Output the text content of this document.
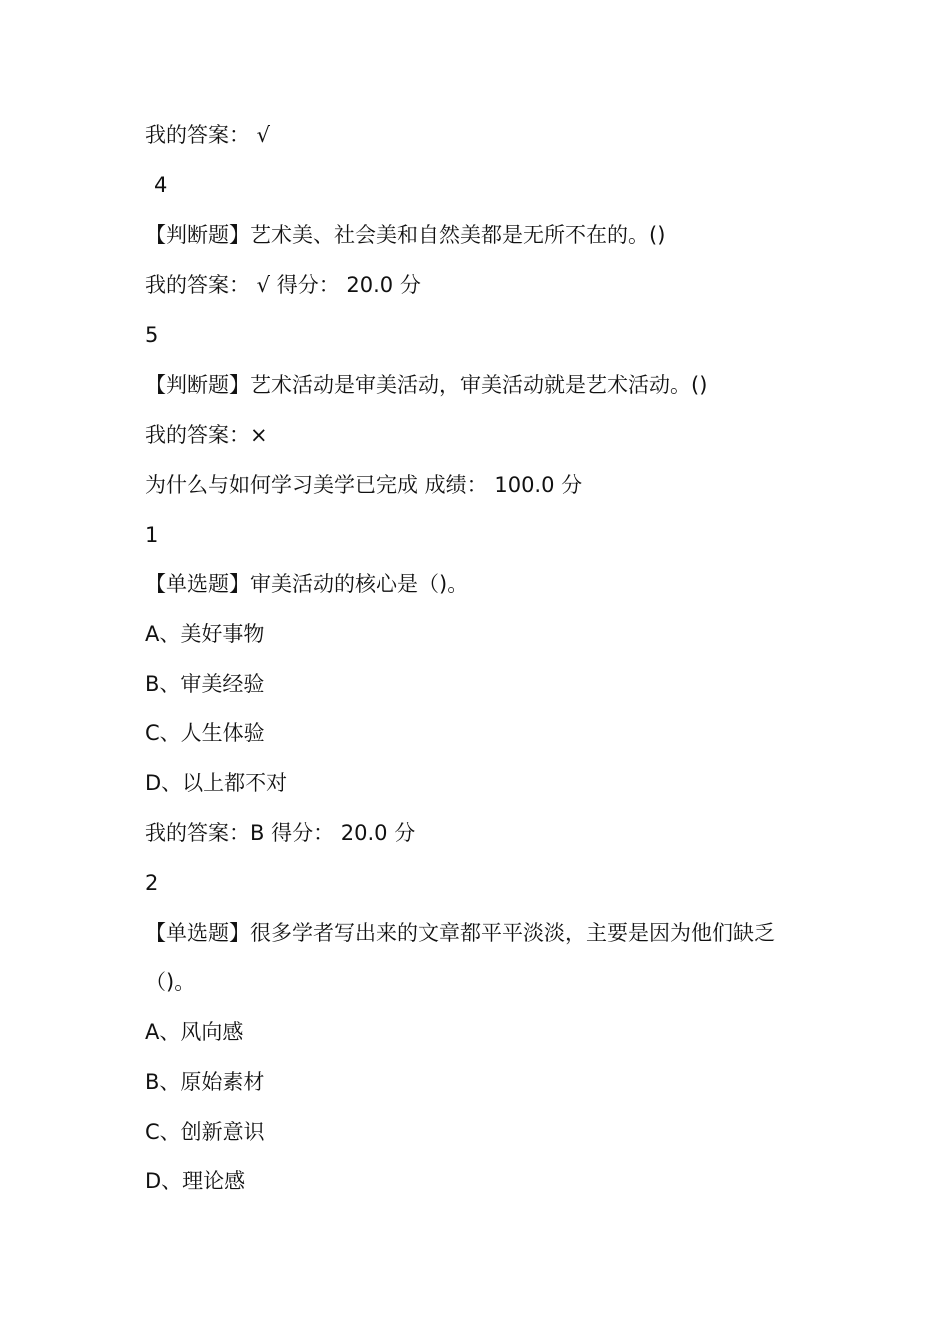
我的答案： √
4
【判断题】艺术美、社会美和自然美都是无所不在的。()
我的答案： √ 得分： 20.0 分
5
【判断题】艺术活动是审美活动，审美活动就是艺术活动。()
我的答案：×
为什么与如何学习美学已完成 成绩： 100.0 分
1
【单选题】审美活动的核心是（)。
A、美好事物
B、审美经验
C、人生体验
D、以上都不对
我的答案：B 得分： 20.0 分
2
【单选题】很多学者写出来的文章都平平淡淡，主要是因为他们缺乏
（)。
A、风向感
B、原始素材
C、创新意识
D、理论感
